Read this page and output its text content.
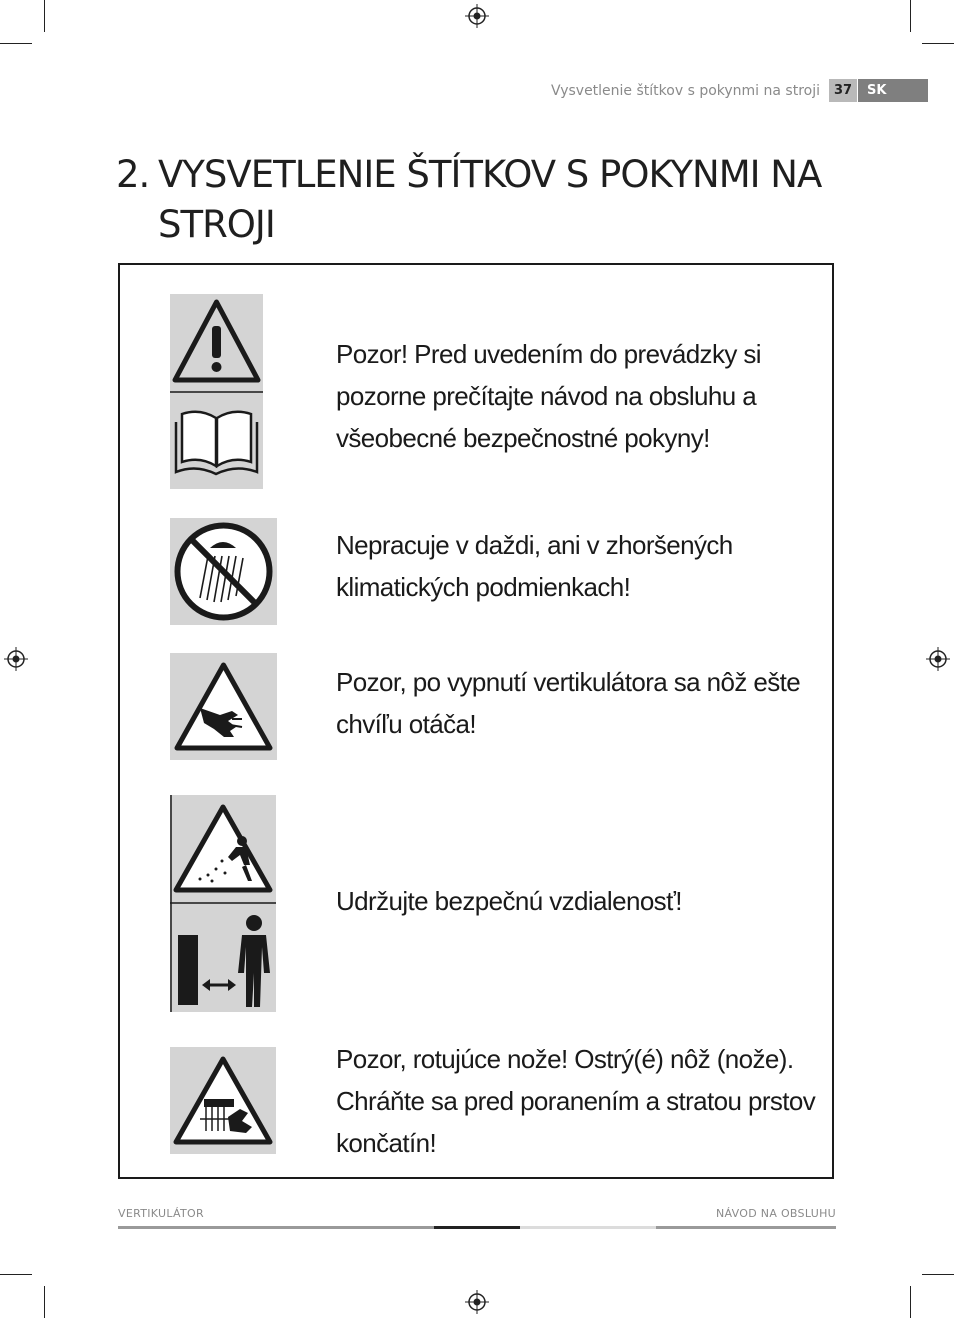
Vysvetlenie štítkov s pokynmi na stroji	37	SK
2. VYSVETLENIE ŠTÍTKOV S POKYNMI NA
STROJI
Pozor! Pred uvedením do prevádzky si pozorne prečítajte návod na obsluhu a všeobecné bezpečnostné pokyny!
Nepracuje v daždi, ani v zhoršených klimatických podmienkach!
Pozor, po vypnutí vertikulátora sa nôž ešte chvíľu otáča!
Udržujte bezpečnú vzdialenosť!
Pozor, rotujúce nože! Ostrý(é) nôž (nože). Chráňte sa pred poranením a stratou prstov končatín!
VERTIKULÁTOR	NÁVOD NA OBSLUHU
